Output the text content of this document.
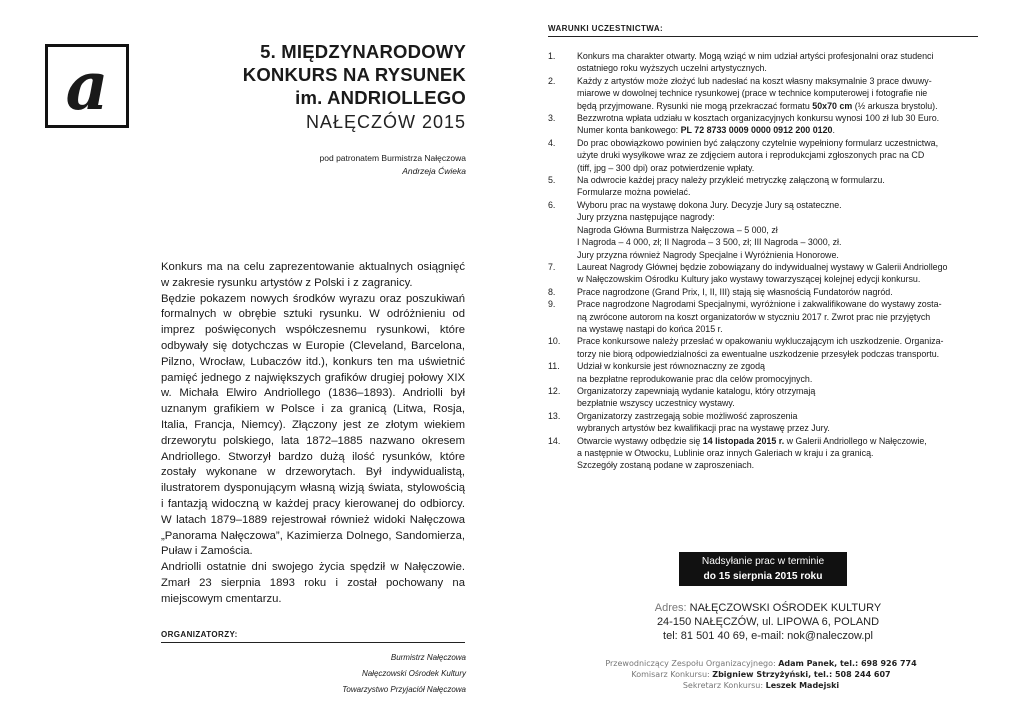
a	5. MIĘDZYNARODOWY
KONKURS NA RYSUNEK
im. ANDRIOLLEGO
NAŁĘCZÓW 2015
pod patronatem Burmistrza Nałęczowa
Andrzeja Ćwieka

Konkurs ma na celu zaprezentowanie aktualnych osiągnięć w zakresie rysunku artystów z Polski i z zagranicy.

Będzie pokazem nowych środków wyrazu oraz poszukiwań formalnych w obrębie sztuki rysunku. W odróżnieniu od imprez poświęconych współczesnemu rysunkowi, które odbywały się dotychczas w Europie (Cleveland, Barcelona, Pilzno, Wrocław, Lubaczów itd.), konkurs ten ma uświetnić pamięć jednego z największych grafików drugiej połowy XIX w. Michała Elwiro Andriollego (1836–1893). Andriolli był uznanym grafikiem w Polsce i za granicą (Litwa, Rosja, Italia, Francja, Niemcy). Złączony jest ze złotym wiekiem drzeworytu polskiego, lata 1872–1885 nazwano okresem Andriollego. Stworzył bardzo dużą ilość rysunków, które zostały wykonane w drzeworytach. Był indywidualistą, ilustratorem dysponującym własną wizją świata, stylowością i fantazją widoczną w każdej pracy kierowanej do odbiorcy. W latach 1879–1889 rejestrował również widoki Nałęczowa „Panorama Nałęczowa”, Kazimierza Dolnego, Sandomierza, Puław i Zamościa.

Andriolli ostatnie dni swojego życia spędził w Nałęczowie. Zmarł 23 sierpnia 1893 roku i został pochowany na miejscowym cmentarzu.

ORGANIZATORZY:
Burmistrz Nałęczowa
Nałęczowski Ośrodek Kultury
Towarzystwo Przyjaciół Nałęczowa
WARUNKI UCZESTNICTWA:
1.	Konkurs ma charakter otwarty. Mogą wziąć w nim udział artyści profesjonalni oraz studenci
ostatniego roku wyższych uczelni artystycznych.
2.	Każdy z artystów może złożyć lub nadesłać na koszt własny maksymalnie 3 prace dwuwy-
miarowe w dowolnej technice rysunkowej (prace w technice komputerowej i fotografie nie
będą przyjmowane. Rysunki nie mogą przekraczać formatu 50x70 cm (½ arkusza brystolu).
3.	Bezzwrotna wpłata udziału w kosztach organizacyjnych konkursu wynosi 100 zł lub 30 Euro.
Numer konta bankowego: PL 72 8733 0009 0000 0912 200 0120.
4.	Do prac obowiązkowo powinien być załączony czytelnie wypełniony formularz uczestnictwa,
użyte druki wysyłkowe wraz ze zdjęciem autora i reprodukcjami zgłoszonych prac na CD
(tiff, jpg – 300 dpi) oraz potwierdzenie wpłaty.
5.	Na odwrocie każdej pracy należy przykleić metryczkę załączoną w formularzu.
Formularze można powielać.
6.	Wyboru prac na wystawę dokona Jury. Decyzje Jury są ostateczne.
Jury przyzna następujące nagrody:
Nagroda Główna Burmistrza Nałęczowa – 5 000, zł
I Nagroda – 4 000, zł; II Nagroda – 3 500, zł; III Nagroda – 3000, zł.
Jury przyzna również Nagrody Specjalne i Wyróżnienia Honorowe.
7.	Laureat Nagrody Głównej będzie zobowiązany do indywidualnej wystawy w Galerii Andriollego
w Nałęczowskim Ośrodku Kultury jako wystawy towarzyszącej kolejnej edycji konkursu.
8.	Prace nagrodzone (Grand Prix, I, II, III) stają się własnością Fundatorów nagród.
9.	Prace nagrodzone Nagrodami Specjalnymi, wyróżnione i zakwalifikowane do wystawy zosta-
ną zwrócone autorom na koszt organizatorów w styczniu 2017 r. Zwrot prac nie przyjętych
na wystawę nastąpi do końca 2015 r.
10.	Prace konkursowe należy przesłać w opakowaniu wykluczającym ich uszkodzenie. Organiza-
torzy nie biorą odpowiedzialności za ewentualne uszkodzenie przesyłek podczas transportu.
11.	Udział w konkursie jest równoznaczny ze zgodą
na bezpłatne reprodukowanie prac dla celów promocyjnych.
12.	Organizatorzy zapewniają wydanie katalogu, który otrzymają
bezpłatnie wszyscy uczestnicy wystawy.
13.	Organizatorzy zastrzegają sobie możliwość zaproszenia
wybranych artystów bez kwalifikacji prac na wystawę przez Jury.
14.	Otwarcie wystawy odbędzie się 14 listopada 2015 r. w Galerii Andriollego w Nałęczowie,
a następnie w Otwocku, Lublinie oraz innych Galeriach w kraju i za granicą.
Szczegóły zostaną podane w zaproszeniach.
Nadsyłanie prac w terminie
do 15 sierpnia 2015 roku
Adres: NAŁĘCZOWSKI OŚRODEK KULTURY
24-150 NAŁĘCZÓW, ul. LIPOWA 6, POLAND
tel: 81 501 40 69, e-mail: nok@naleczow.pl
Przewodniczący Zespołu Organizacyjnego: Adam Panek, tel.: 698 926 774
Komisarz Konkursu: Zbigniew Strzyżyński, tel.: 508 244 607
Sekretarz Konkursu: Leszek Madejski
